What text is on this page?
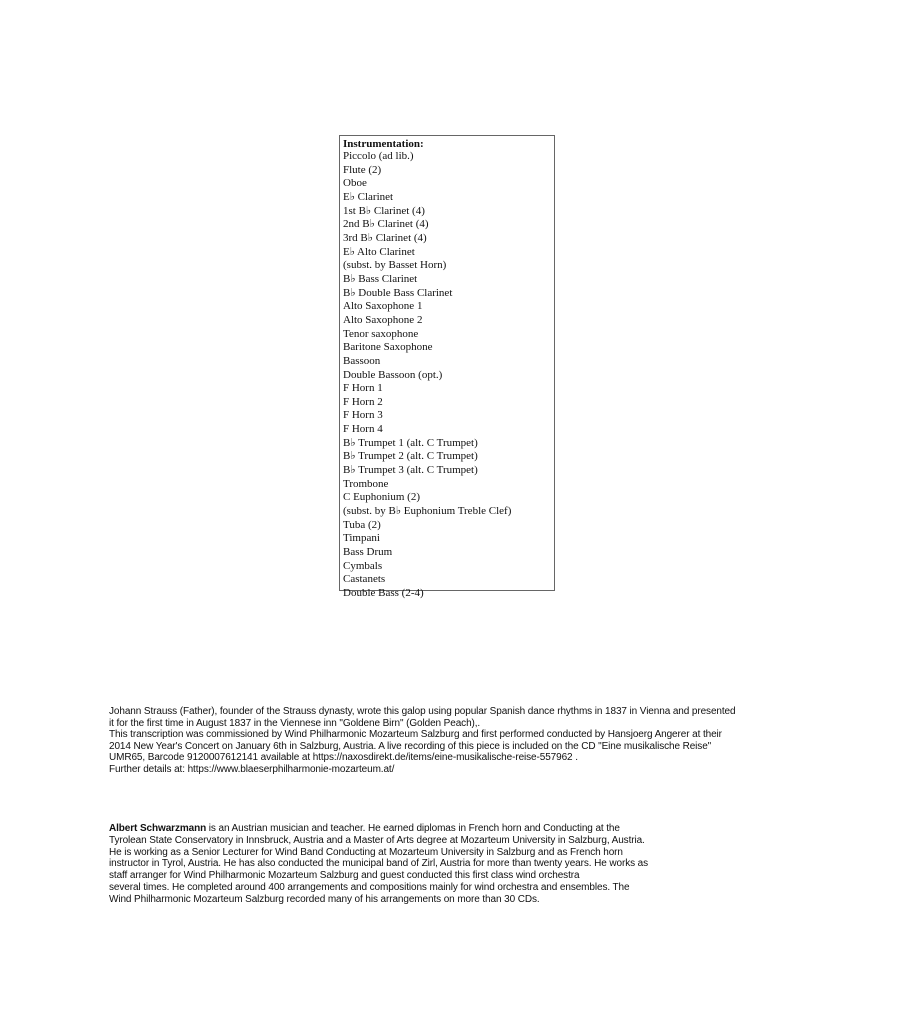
Instrumentation:
Piccolo (ad lib.)
Flute (2)
Oboe
E♭ Clarinet
1st B♭ Clarinet (4)
2nd B♭ Clarinet (4)
3rd B♭ Clarinet (4)
E♭ Alto Clarinet
(subst. by Basset Horn)
B♭ Bass Clarinet
B♭ Double Bass Clarinet
Alto Saxophone 1
Alto Saxophone 2
Tenor saxophone
Baritone Saxophone
Bassoon
Double Bassoon (opt.)
F Horn 1
F Horn 2
F Horn 3
F Horn 4
B♭ Trumpet 1 (alt. C Trumpet)
B♭ Trumpet 2 (alt. C Trumpet)
B♭ Trumpet 3 (alt. C Trumpet)
Trombone
C Euphonium (2)
(subst. by B♭ Euphonium Treble Clef)
Tuba (2)
Timpani
Bass Drum
Cymbals
Castanets
Double Bass (2-4)

Johann Strauss (Father), founder of the Strauss dynasty, wrote this galop using popular Spanish dance rhythms in 1837 in Vienna and presented

it for the first time in August 1837 in the Viennese inn "Goldene Birn" (Golden Peach),.

This transcription was commissioned by Wind Philharmonic Mozarteum Salzburg and first performed conducted by Hansjoerg Angerer at their

2014 New Year's Concert on January 6th in Salzburg, Austria. A live recording of this piece is included on the CD "Eine musikalische Reise"

UMR65, Barcode 9120007612141 available at https://naxosdirekt.de/items/eine-musikalische-reise-557962 .

Further details at: https://www.blaeserphilharmonie-mozarteum.at/

Albert Schwarzmann is an Austrian musician and teacher. He earned diplomas in French horn and Conducting at the

Tyrolean State Conservatory in Innsbruck, Austria and a Master of Arts degree at Mozarteum University in Salzburg, Austria.

He is working as a Senior Lecturer for Wind Band Conducting at Mozarteum University in Salzburg and as French horn

instructor in Tyrol, Austria. He has also conducted the municipal band of Zirl, Austria for more than twenty years. He works as

staff arranger for Wind Philharmonic Mozarteum Salzburg and guest conducted this first class wind orchestra

several times. He completed around 400 arrangements and compositions mainly for wind orchestra and ensembles. The

Wind Philharmonic Mozarteum Salzburg recorded many of his arrangements on more than 30 CDs.
